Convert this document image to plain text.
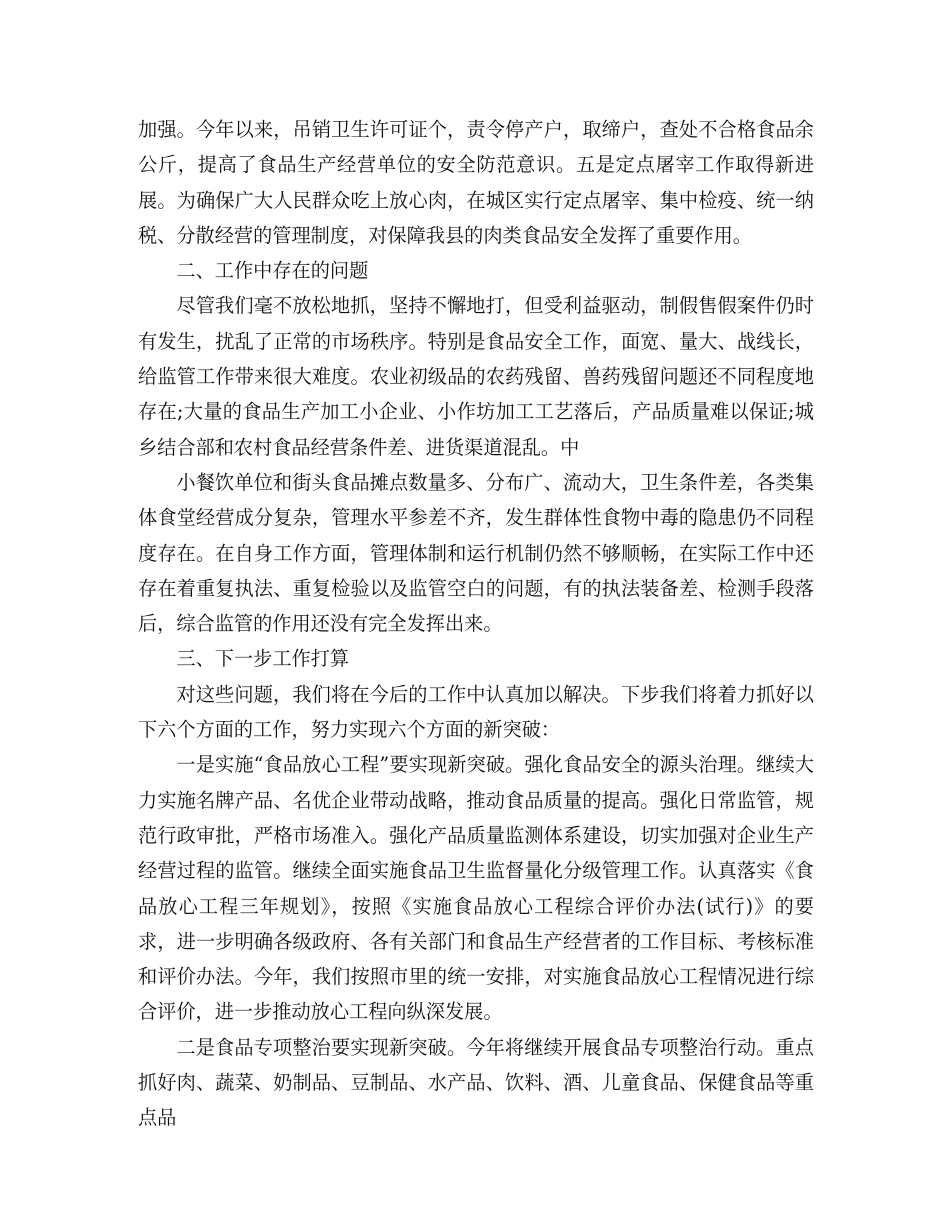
加强。今年以来，吊销卫生许可证个，责令停产户，取缔户，查处不合格食品余公斤，提高了食品生产经营单位的安全防范意识。五是定点屠宰工作取得新进展。为确保广大人民群众吃上放心肉，在城区实行定点屠宰、集中检疫、统一纳税、分散经营的管理制度，对保障我县的肉类食品安全发挥了重要作用。

二、工作中存在的问题

尽管我们毫不放松地抓，坚持不懈地打，但受利益驱动，制假售假案件仍时有发生，扰乱了正常的市场秩序。特别是食品安全工作，面宽、量大、战线长，给监管工作带来很大难度。农业初级品的农药残留、兽药残留问题还不同程度地存在;大量的食品生产加工小企业、小作坊加工工艺落后，产品质量难以保证;城乡结合部和农村食品经营条件差、进货渠道混乱。中

小餐饮单位和街头食品摊点数量多、分布广、流动大，卫生条件差，各类集体食堂经营成分复杂，管理水平参差不齐，发生群体性食物中毒的隐患仍不同程度存在。在自身工作方面，管理体制和运行机制仍然不够顺畅，在实际工作中还存在着重复执法、重复检验以及监管空白的问题，有的执法装备差、检测手段落后，综合监管的作用还没有完全发挥出来。

三、下一步工作打算

对这些问题，我们将在今后的工作中认真加以解决。下步我们将着力抓好以下六个方面的工作，努力实现六个方面的新突破：

一是实施“食品放心工程”要实现新突破。强化食品安全的源头治理。继续大力实施名牌产品、名优企业带动战略，推动食品质量的提高。强化日常监管，规范行政审批，严格市场准入。强化产品质量监测体系建设，切实加强对企业生产经营过程的监管。继续全面实施食品卫生监督量化分级管理工作。认真落实《食品放心工程三年规划》，按照《实施食品放心工程综合评价办法(试行)》的要求，进一步明确各级政府、各有关部门和食品生产经营者的工作目标、考核标准和评价办法。今年，我们按照市里的统一安排，对实施食品放心工程情况进行综合评价，进一步推动放心工程向纵深发展。

二是食品专项整治要实现新突破。今年将继续开展食品专项整治行动。重点抓好肉、蔬菜、奶制品、豆制品、水产品、饮料、酒、儿童食品、保健食品等重点品
